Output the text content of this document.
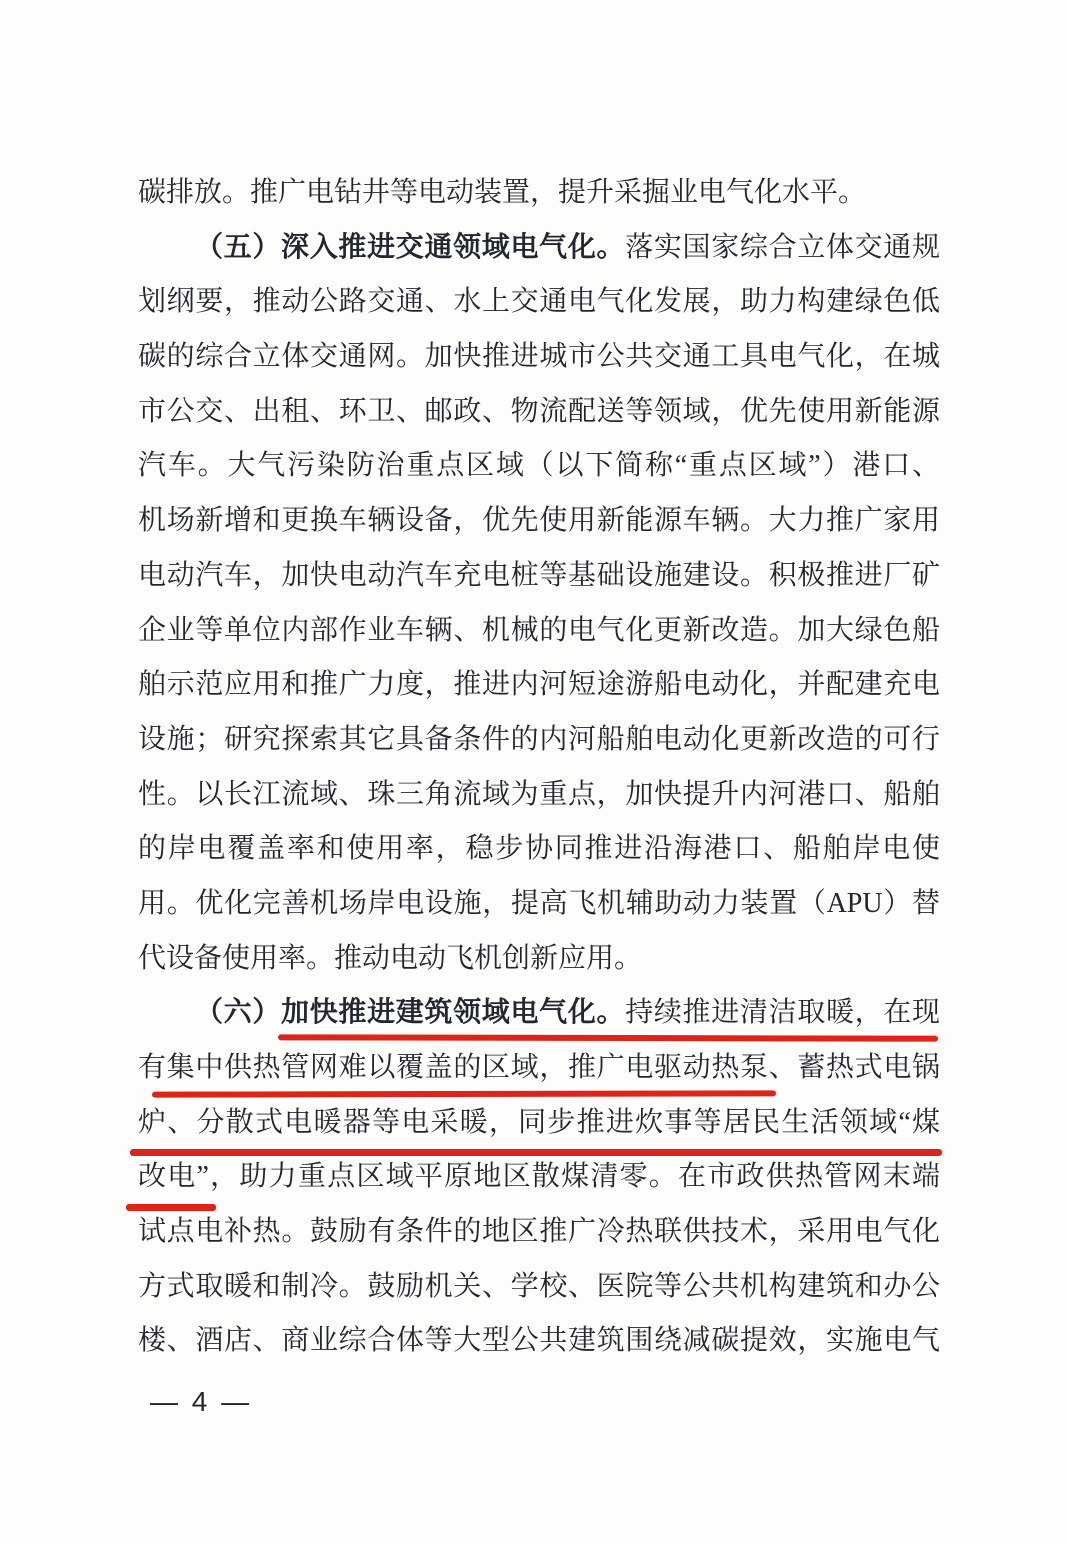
碳排放。推广电钻井等电动装置，提升采掘业电气化水平。
（五）深入推进交通领域电气化。落实国家综合立体交通规
划纲要，推动公路交通、水上交通电气化发展，助力构建绿色低
碳的综合立体交通网。加快推进城市公共交通工具电气化，在城
市公交、出租、环卫、邮政、物流配送等领域，优先使用新能源
汽车。大气污染防治重点区域（以下简称“重点区域”）港口、
机场新增和更换车辆设备，优先使用新能源车辆。大力推广家用
电动汽车，加快电动汽车充电桩等基础设施建设。积极推进厂矿
企业等单位内部作业车辆、机械的电气化更新改造。加大绿色船
舶示范应用和推广力度，推进内河短途游船电动化，并配建充电
设施；研究探索其它具备条件的内河船舶电动化更新改造的可行
性。以长江流域、珠三角流域为重点，加快提升内河港口、船舶
的岸电覆盖率和使用率，稳步协同推进沿海港口、船舶岸电使
用。优化完善机场岸电设施，提高飞机辅助动力装置（APU）替
代设备使用率。推动电动飞机创新应用。
（六）加快推进建筑领域电气化。持续推进清洁取暖，在现
有集中供热管网难以覆盖的区域，推广电驱动热泵、蓄热式电锅
炉、分散式电暖器等电采暖，同步推进炊事等居民生活领域“煤
改电”，助力重点区域平原地区散煤清零。在市政供热管网末端
试点电补热。鼓励有条件的地区推广冷热联供技术，采用电气化
方式取暖和制冷。鼓励机关、学校、医院等公共机构建筑和办公
楼、酒店、商业综合体等大型公共建筑围绕减碳提效，实施电气
— 4 —
